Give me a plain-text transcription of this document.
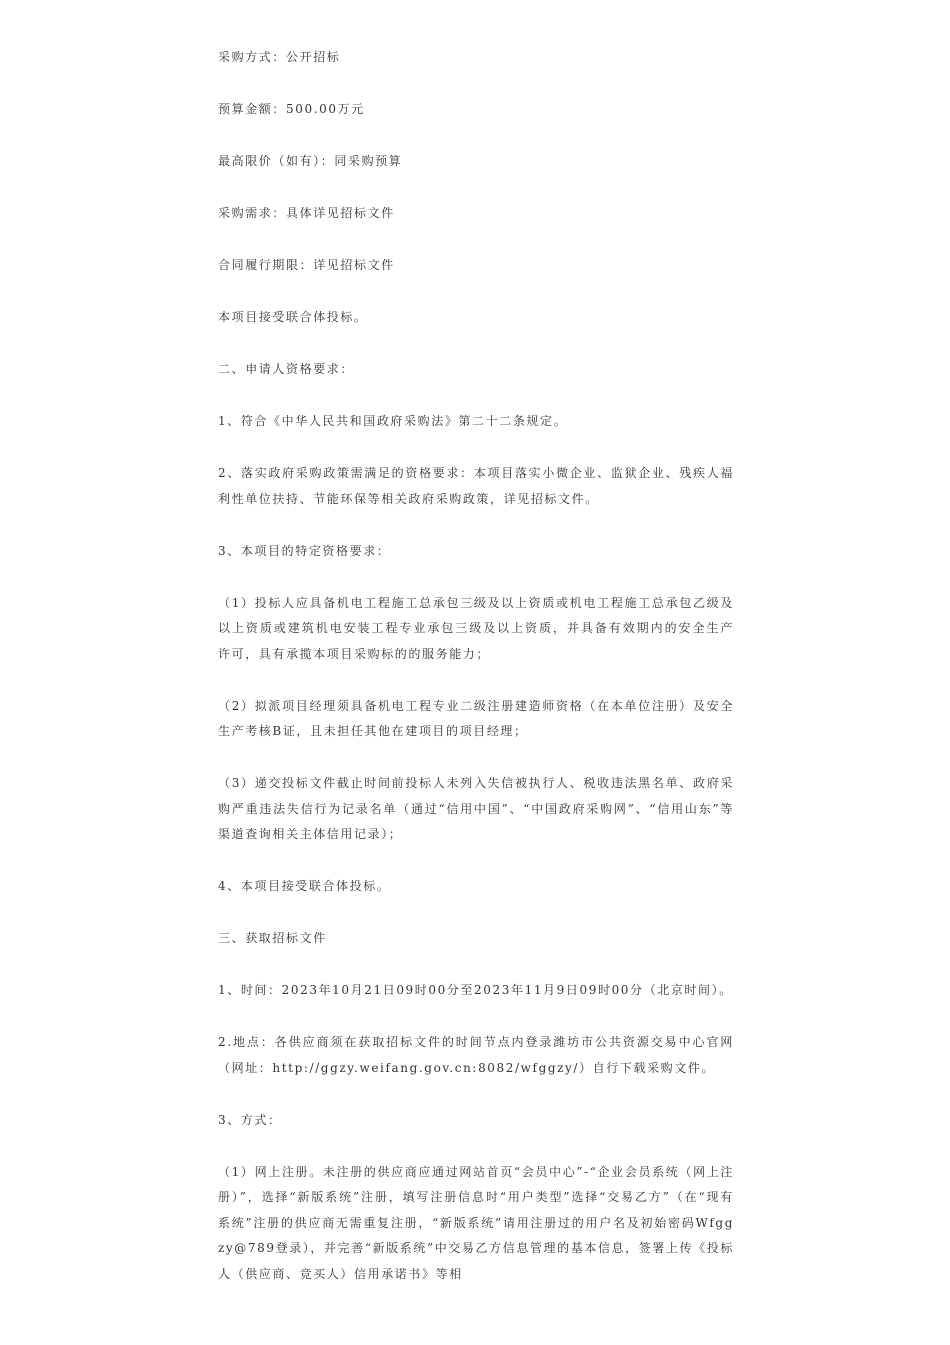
采购方式：公开招标

预算金额：500.00万元

最高限价（如有）：同采购预算

采购需求：具体详见招标文件

合同履行期限：详见招标文件

本项目接受联合体投标。

二、申请人资格要求：

1、符合《中华人民共和国政府采购法》第二十二条规定。

2、落实政府采购政策需满足的资格要求：本项目落实小微企业、监狱企业、残疾人福利性单位扶持、节能环保等相关政府采购政策，详见招标文件。

3、本项目的特定资格要求：

（1）投标人应具备机电工程施工总承包三级及以上资质或机电工程施工总承包乙级及以上资质或建筑机电安装工程专业承包三级及以上资质，并具备有效期内的安全生产许可，具有承揽本项目采购标的的服务能力；

（2）拟派项目经理须具备机电工程专业二级注册建造师资格（在本单位注册）及安全生产考核B证，且未担任其他在建项目的项目经理；

（3）递交投标文件截止时间前投标人未列入失信被执行人、税收违法黑名单、政府采购严重违法失信行为记录名单（通过“信用中国”、“中国政府采购网”、“信用山东”等渠道查询相关主体信用记录）；

4、本项目接受联合体投标。

三、获取招标文件

1、时间：2023年10月21日09时00分至2023年11月9日09时00分（北京时间）。

2.地点：各供应商须在获取招标文件的时间节点内登录潍坊市公共资源交易中心官网（网址：http://ggzy.weifang.gov.cn:8082/wfggzy/）自行下载采购文件。

3、方式：

（1）网上注册。未注册的供应商应通过网站首页“会员中心”-“企业会员系统（网上注册）”，选择“新版系统”注册，填写注册信息时“用户类型”选择“交易乙方”（在“现有系统”注册的供应商无需重复注册，“新版系统”请用注册过的用户名及初始密码Wfggzy@789登录），并完善“新版系统”中交易乙方信息管理的基本信息，签署上传《投标人（供应商、竞买人）信用承诺书》等相
